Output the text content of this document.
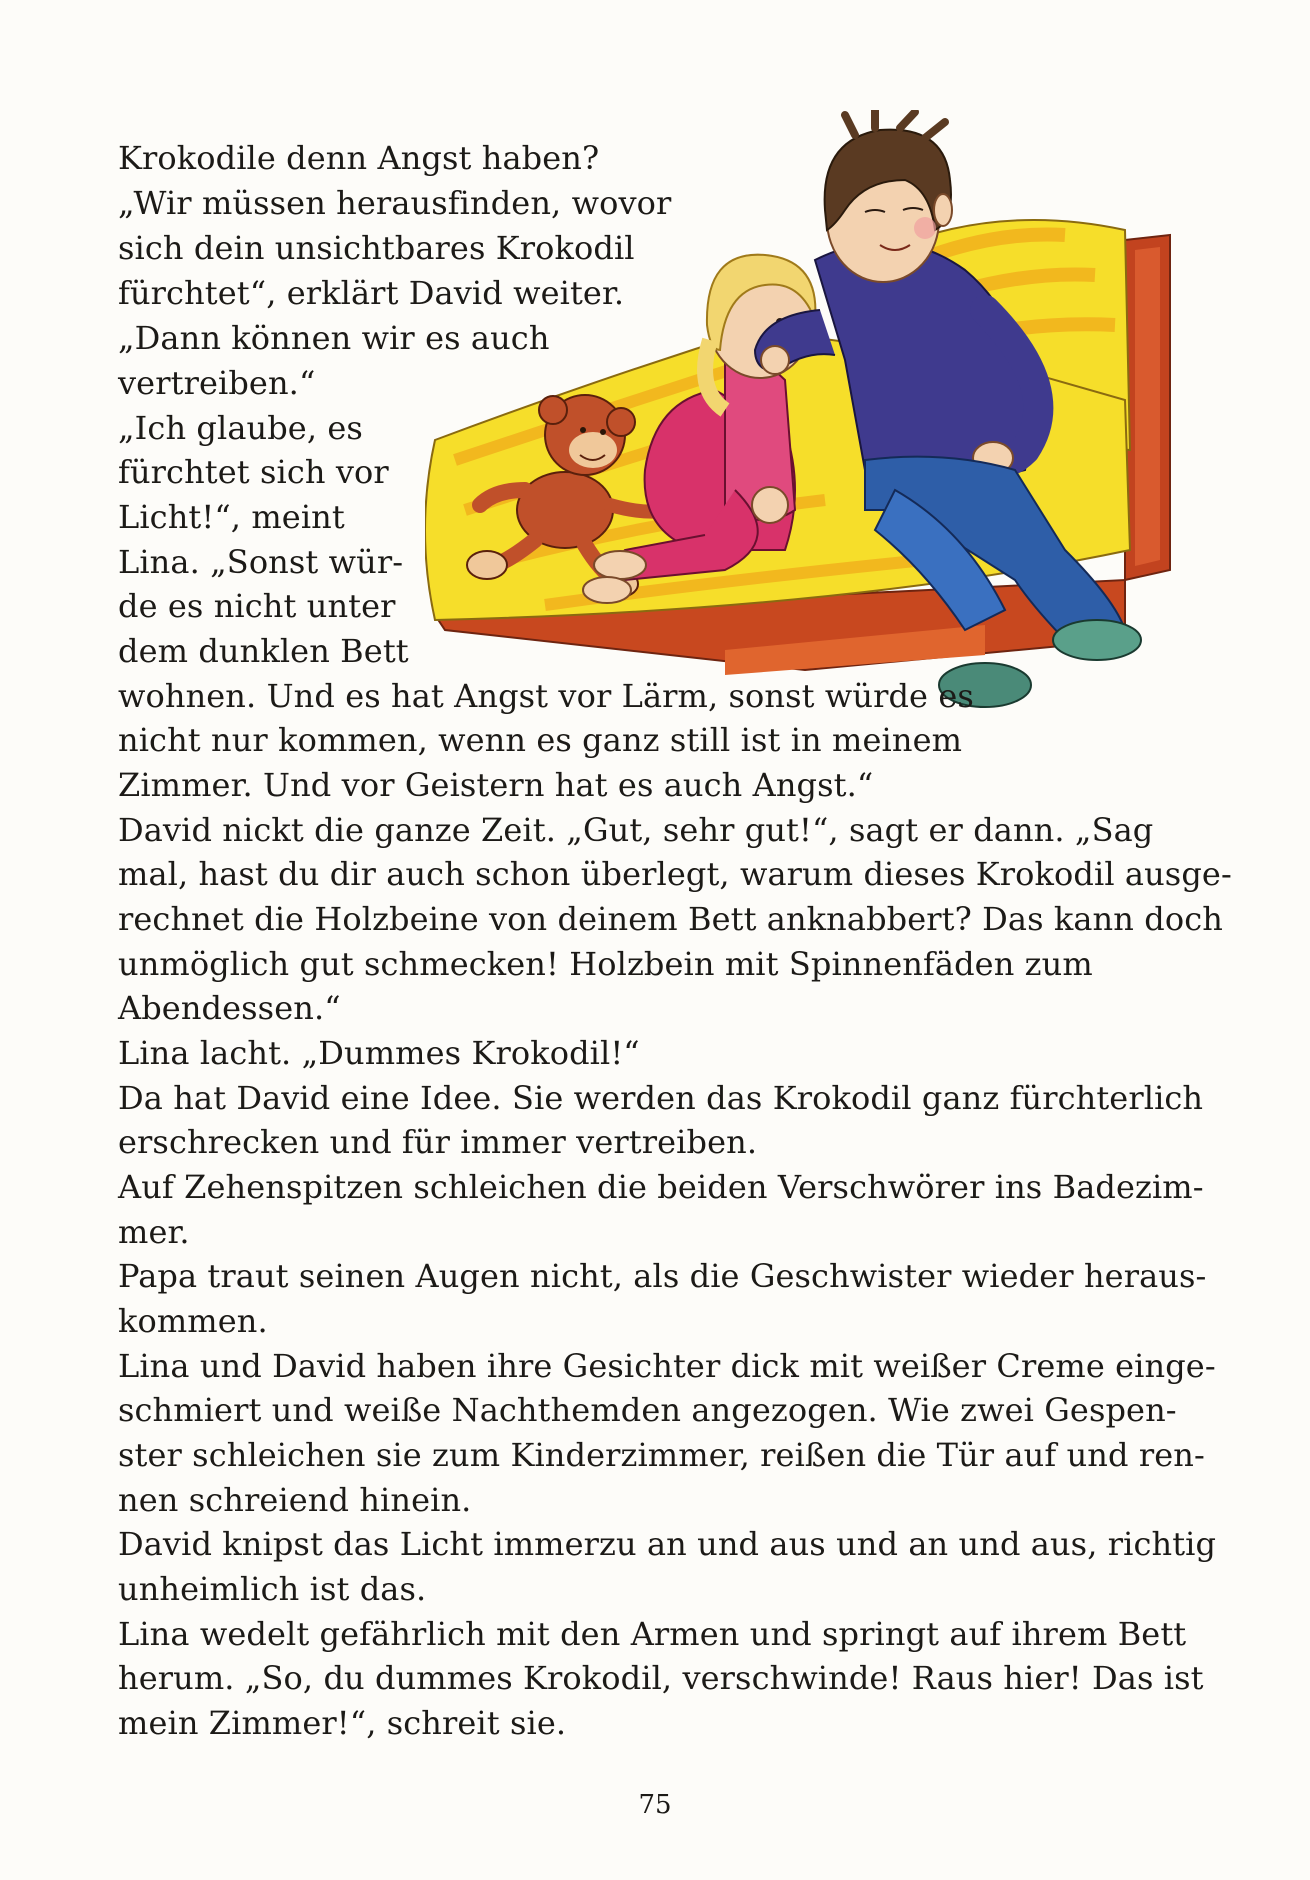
Krokodile denn Angst haben?
„Wir müssen herausfinden, wovor
sich dein unsichtbares Krokodil
fürchtet“, erklärt David weiter.
„Dann können wir es auch
vertreiben.“
„Ich glaube, es
fürchtet sich vor
Licht!“, meint
Lina. „Sonst wür-
de es nicht unter
dem dunklen Bett
wohnen. Und es hat Angst vor Lärm, sonst würde es
nicht nur kommen, wenn es ganz still ist in meinem
Zimmer. Und vor Geistern hat es auch Angst.“
David nickt die ganze Zeit. „Gut, sehr gut!“, sagt er dann. „Sag
mal, hast du dir auch schon überlegt, warum dieses Krokodil ausge-
rechnet die Holzbeine von deinem Bett anknabbert? Das kann doch
unmöglich gut schmecken! Holzbein mit Spinnenfäden zum
Abendessen.“
Lina lacht. „Dummes Krokodil!“
Da hat David eine Idee. Sie werden das Krokodil ganz fürchterlich
erschrecken und für immer vertreiben.
Auf Zehenspitzen schleichen die beiden Verschwörer ins Badezim-
mer.
Papa traut seinen Augen nicht, als die Geschwister wieder heraus-
kommen.
Lina und David haben ihre Gesichter dick mit weißer Creme einge-
schmiert und weiße Nachthemden angezogen. Wie zwei Gespen-
ster schleichen sie zum Kinderzimmer, reißen die Tür auf und ren-
nen schreiend hinein.
David knipst das Licht immerzu an und aus und an und aus, richtig
unheimlich ist das.
Lina wedelt gefährlich mit den Armen und springt auf ihrem Bett
herum. „So, du dummes Krokodil, verschwinde! Raus hier! Das ist
mein Zimmer!“, schreit sie.
75
